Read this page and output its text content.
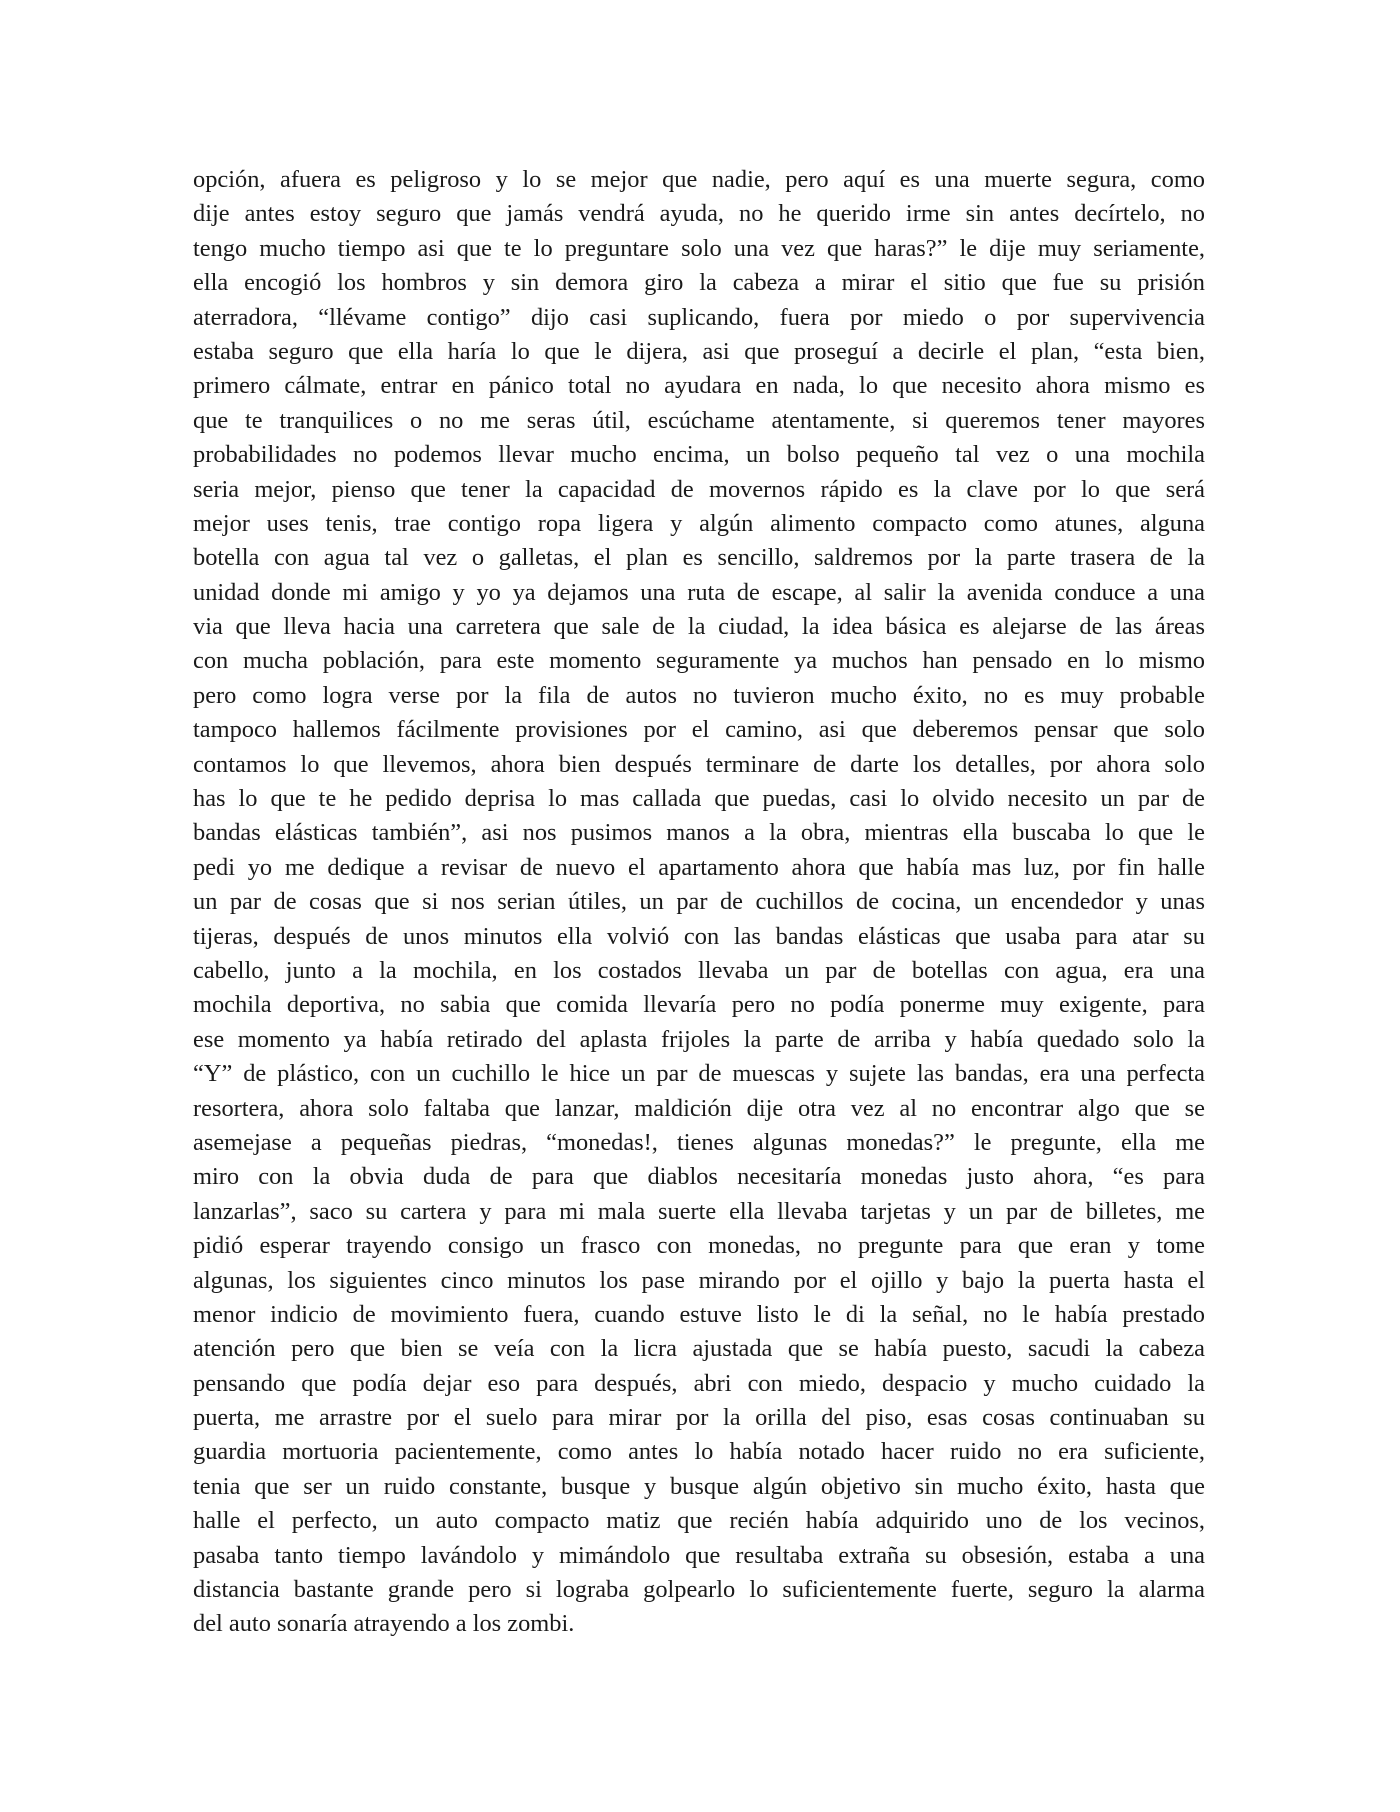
opción, afuera es peligroso y lo se mejor que nadie, pero aquí es una muerte segura, como
dije antes estoy seguro que jamás vendrá ayuda, no he querido irme sin antes decírtelo, no
tengo mucho tiempo asi que te lo preguntare solo una vez que haras?” le dije muy seriamente,
ella encogió los hombros y sin demora giro la cabeza a mirar el sitio que fue su prisión
aterradora, “llévame contigo” dijo casi suplicando, fuera por miedo o por supervivencia
estaba seguro que ella haría lo que le dijera, asi que proseguí a decirle el plan, “esta bien,
primero cálmate, entrar en pánico total no ayudara en nada, lo que necesito ahora mismo es
que te tranquilices o no me seras útil, escúchame atentamente, si queremos tener mayores
probabilidades no podemos llevar mucho encima, un bolso pequeño tal vez o una mochila
seria mejor, pienso que tener la capacidad de movernos rápido es la clave por lo que será
mejor uses tenis, trae contigo ropa ligera y algún alimento compacto como atunes, alguna
botella con agua tal vez o galletas, el plan es sencillo, saldremos por la parte trasera de la
unidad donde mi amigo y yo ya dejamos una ruta de escape, al salir la avenida conduce a una
via que lleva hacia una carretera que sale de la ciudad, la idea básica es alejarse de las áreas
con mucha población, para este momento seguramente ya muchos han pensado en lo mismo
pero como logra verse por la fila de autos no tuvieron mucho éxito, no es muy probable
tampoco hallemos fácilmente provisiones por el camino, asi que deberemos pensar que solo
contamos lo que llevemos, ahora bien después terminare de darte los detalles, por ahora solo
has lo que te he pedido deprisa lo mas callada que puedas, casi lo olvido necesito un par de
bandas elásticas también”, asi nos pusimos manos a la obra, mientras ella buscaba lo que le
pedi yo me dedique a revisar de nuevo el apartamento ahora que había mas luz, por fin halle
un par de cosas que si nos serian útiles, un par de cuchillos de cocina, un encendedor y unas
tijeras, después de unos minutos ella volvió con las bandas elásticas que usaba para atar su
cabello, junto a la mochila, en los costados llevaba un par de botellas con agua, era una
mochila deportiva, no sabia que comida llevaría pero no podía ponerme muy exigente, para
ese momento ya había retirado del aplasta frijoles la parte de arriba y había quedado solo la
“Y” de plástico, con un cuchillo le hice un par de muescas y sujete las bandas, era una perfecta
resortera, ahora solo faltaba que lanzar, maldición dije otra vez al no encontrar algo que se
asemejase a pequeñas piedras, “monedas!, tienes algunas monedas?” le pregunte, ella me
miro con la obvia duda de para que diablos necesitaría monedas justo ahora, “es para
lanzarlas”, saco su cartera y para mi mala suerte ella llevaba tarjetas y un par de billetes, me
pidió esperar trayendo consigo un frasco con monedas, no pregunte para que eran y tome
algunas, los siguientes cinco minutos los pase mirando por el ojillo y bajo la puerta hasta el
menor indicio de movimiento fuera, cuando estuve listo le di la señal, no le había prestado
atención pero que bien se veía con la licra ajustada que se había puesto, sacudi la cabeza
pensando que podía dejar eso para después, abri con miedo, despacio y mucho cuidado la
puerta, me arrastre por el suelo para mirar por la orilla del piso, esas cosas continuaban su
guardia mortuoria pacientemente, como antes lo había notado hacer ruido no era suficiente,
tenia que ser un ruido constante, busque y busque algún objetivo sin mucho éxito, hasta que
halle el perfecto, un auto compacto matiz que recién había adquirido uno de los vecinos,
pasaba tanto tiempo lavándolo y mimándolo que resultaba extraña su obsesión, estaba a una
distancia bastante grande pero si lograba golpearlo lo suficientemente fuerte, seguro la alarma
del auto sonaría atrayendo a los zombi.
